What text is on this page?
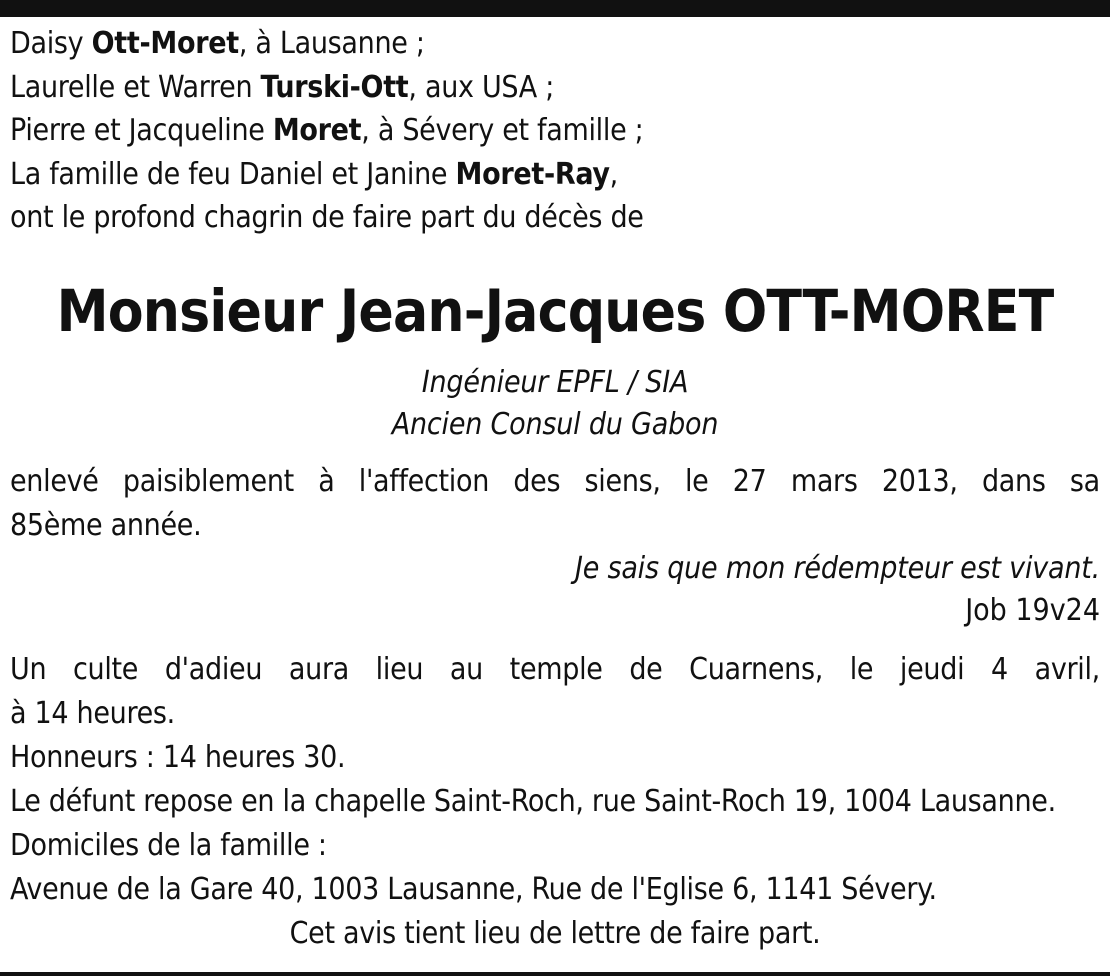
Daisy Ott-Moret, à Lausanne ;
Laurelle et Warren Turski-Ott, aux USA ;
Pierre et Jacqueline Moret, à Sévery et famille ;
La famille de feu Daniel et Janine Moret-Ray,
ont le profond chagrin de faire part du décès de
Monsieur Jean-Jacques OTT-MORET
Ingénieur EPFL / SIA
Ancien Consul du Gabon
enlevé paisiblement à l'affection des siens, le 27 mars 2013, dans sa
85ème année.
Je sais que mon rédempteur est vivant.
Job 19v24
Un culte d'adieu aura lieu au temple de Cuarnens, le jeudi 4 avril,
à 14 heures.
Honneurs : 14 heures 30.
Le défunt repose en la chapelle Saint-Roch, rue Saint-Roch 19, 1004 Lausanne.
Domiciles de la famille :
Avenue de la Gare 40, 1003 Lausanne, Rue de l'Eglise 6, 1141 Sévery.
Cet avis tient lieu de lettre de faire part.
